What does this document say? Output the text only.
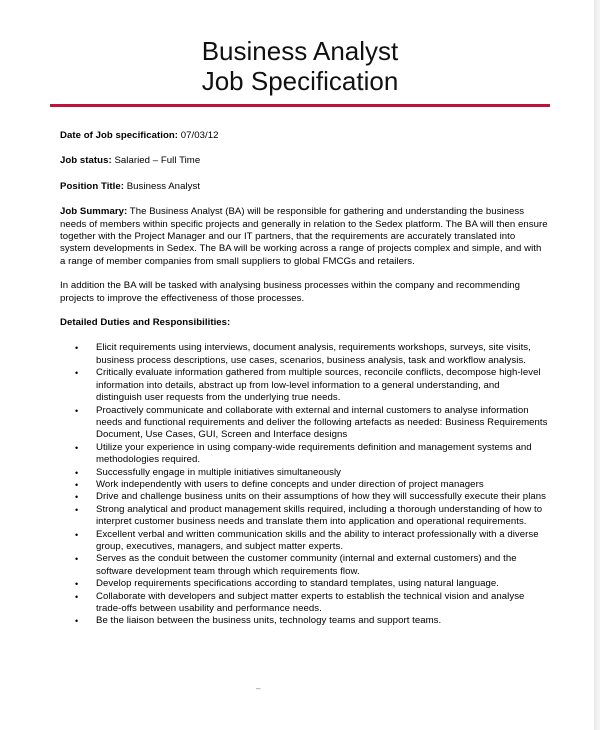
Business Analyst
Job Specification

Date of Job specification: 07/03/12

Job status: Salaried – Full Time

Position Title: Business Analyst

Job Summary: The Business Analyst (BA) will be responsible for gathering and understanding the business needs of members within specific projects and generally in relation to the Sedex platform. The BA will then ensure together with the Project Manager and our IT partners, that the requirements are accurately translated into system developments in Sedex. The BA will be working across a range of projects complex and simple, and with a range of member companies from small suppliers to global FMCGs and retailers.

In addition the BA will be tasked with analysing business processes within the company and recommending projects to improve the effectiveness of those processes.

Detailed Duties and Responsibilities:

• Elicit requirements using interviews, document analysis, requirements workshops, surveys, site visits, business process descriptions, use cases, scenarios, business analysis, task and workflow analysis.
• Critically evaluate information gathered from multiple sources, reconcile conflicts, decompose high-level information into details, abstract up from low-level information to a general understanding, and distinguish user requests from the underlying true needs.
• Proactively communicate and collaborate with external and internal customers to analyse information needs and functional requirements and deliver the following artefacts as needed: Business Requirements Document, Use Cases, GUI, Screen and Interface designs
• Utilize your experience in using company-wide requirements definition and management systems and methodologies required.
• Successfully engage in multiple initiatives simultaneously
• Work independently with users to define concepts and under direction of project managers
• Drive and challenge business units on their assumptions of how they will successfully execute their plans
• Strong analytical and product management skills required, including a thorough understanding of how to interpret customer business needs and translate them into application and operational requirements.
• Excellent verbal and written communication skills and the ability to interact professionally with a diverse group, executives, managers, and subject matter experts.
• Serves as the conduit between the customer community (internal and external customers) and the software development team through which requirements flow.
• Develop requirements specifications according to standard templates, using natural language.
• Collaborate with developers and subject matter experts to establish the technical vision and analyse trade-offs between usability and performance needs.
• Be the liaison between the business units, technology teams and support teams.
–
